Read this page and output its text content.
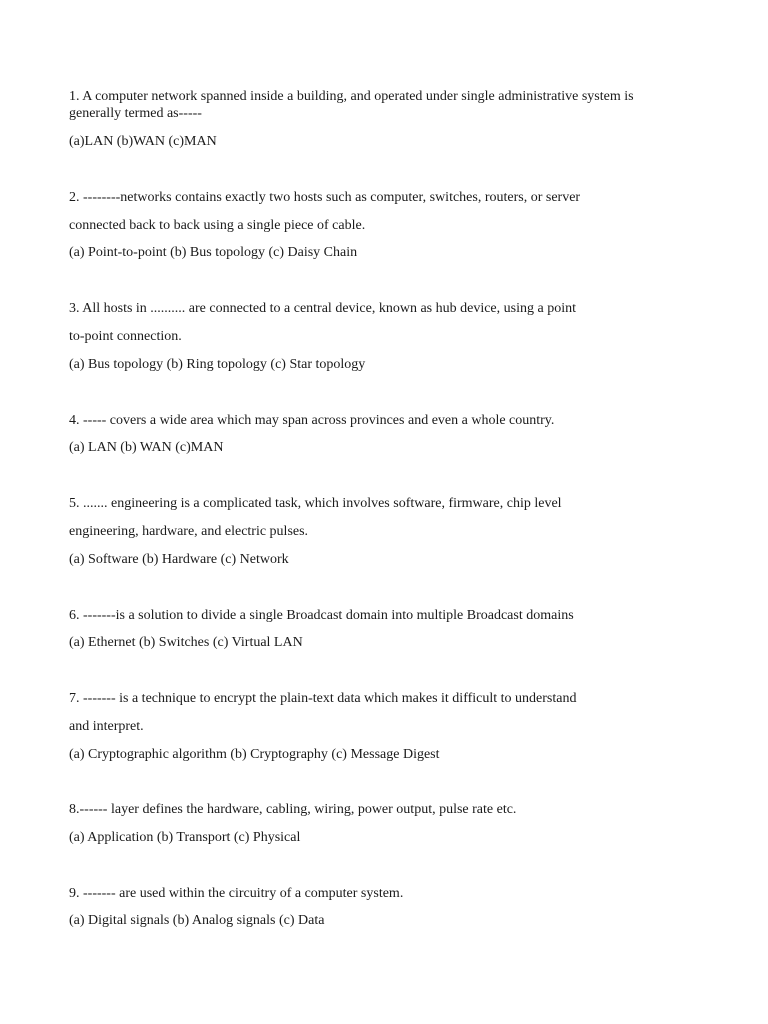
1. A computer network spanned inside a building, and operated under single administrative system is

generally termed as-----

(a)LAN (b)WAN (c)MAN

2. --------networks contains exactly two hosts such as computer, switches, routers, or server

connected back to back using a single piece of cable.

(a) Point-to-point (b) Bus topology (c) Daisy Chain

3. All hosts in .......... are connected to a central device, known as hub device, using a point

to-point connection.

(a) Bus topology (b) Ring topology (c) Star topology

4. ----- covers a wide area which may span across provinces and even a whole country.

(a) LAN (b) WAN (c)MAN

5. ....... engineering is a complicated task, which involves software, firmware, chip level

engineering, hardware, and electric pulses.

(a) Software (b) Hardware (c) Network

6. -------is a solution to divide a single Broadcast domain into multiple Broadcast domains

(a) Ethernet (b) Switches (c) Virtual LAN

7. ------- is a technique to encrypt the plain-text data which makes it difficult to understand

and interpret.

(a) Cryptographic algorithm (b) Cryptography (c) Message Digest

8.------ layer defines the hardware, cabling, wiring, power output, pulse rate etc.

(a) Application (b) Transport (c) Physical

9. ------- are used within the circuitry of a computer system.

(a) Digital signals (b) Analog signals (c) Data
